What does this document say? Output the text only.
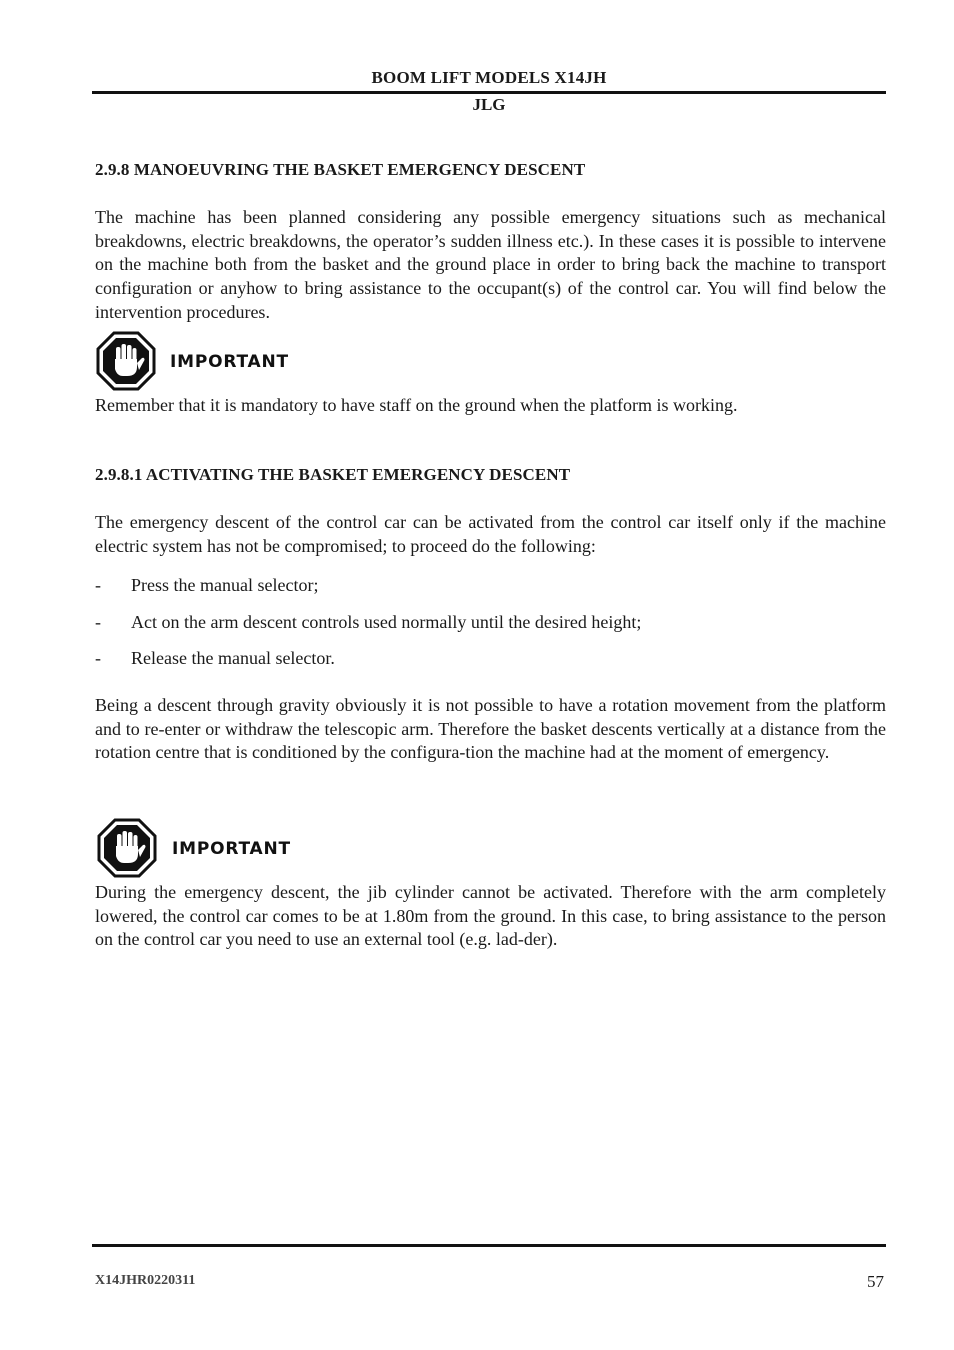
BOOM LIFT MODELS X14JH
JLG
2.9.8 MANOEUVRING THE BASKET EMERGENCY DESCENT

The machine has been planned considering any possible emergency situations such as mechanical breakdowns, electric breakdowns, the operator’s sudden illness etc.). In these cases it is possible to intervene on the machine both from the basket and the ground place in order to bring back the machine to transport configuration or anyhow to bring assistance to the occupant(s) of the control car. You will find below the intervention procedures.

IMPORTANT

Remember that it is mandatory to have staff on the ground when the platform is working.

2.9.8.1 ACTIVATING THE BASKET EMERGENCY DESCENT

The emergency descent of the control car can be activated from the control car itself only if the machine electric system has not be compromised; to proceed do the following:

- Press the manual selector;
- Act on the arm descent controls used normally until the desired height;
- Release the manual selector.

Being a descent through gravity obviously it is not possible to have a rotation movement from the platform and to re-enter or withdraw the telescopic arm. Therefore the basket descents vertically at a distance from the rotation centre that is conditioned by the configura-tion the machine had at the moment of emergency.

IMPORTANT

During the emergency descent, the jib cylinder cannot be activated. Therefore with the arm completely lowered, the control car comes to be at 1.80m from the ground. In this case, to bring assistance to the person on the control car you need to use an external tool (e.g. lad-der).

X14JHR0220311	57
